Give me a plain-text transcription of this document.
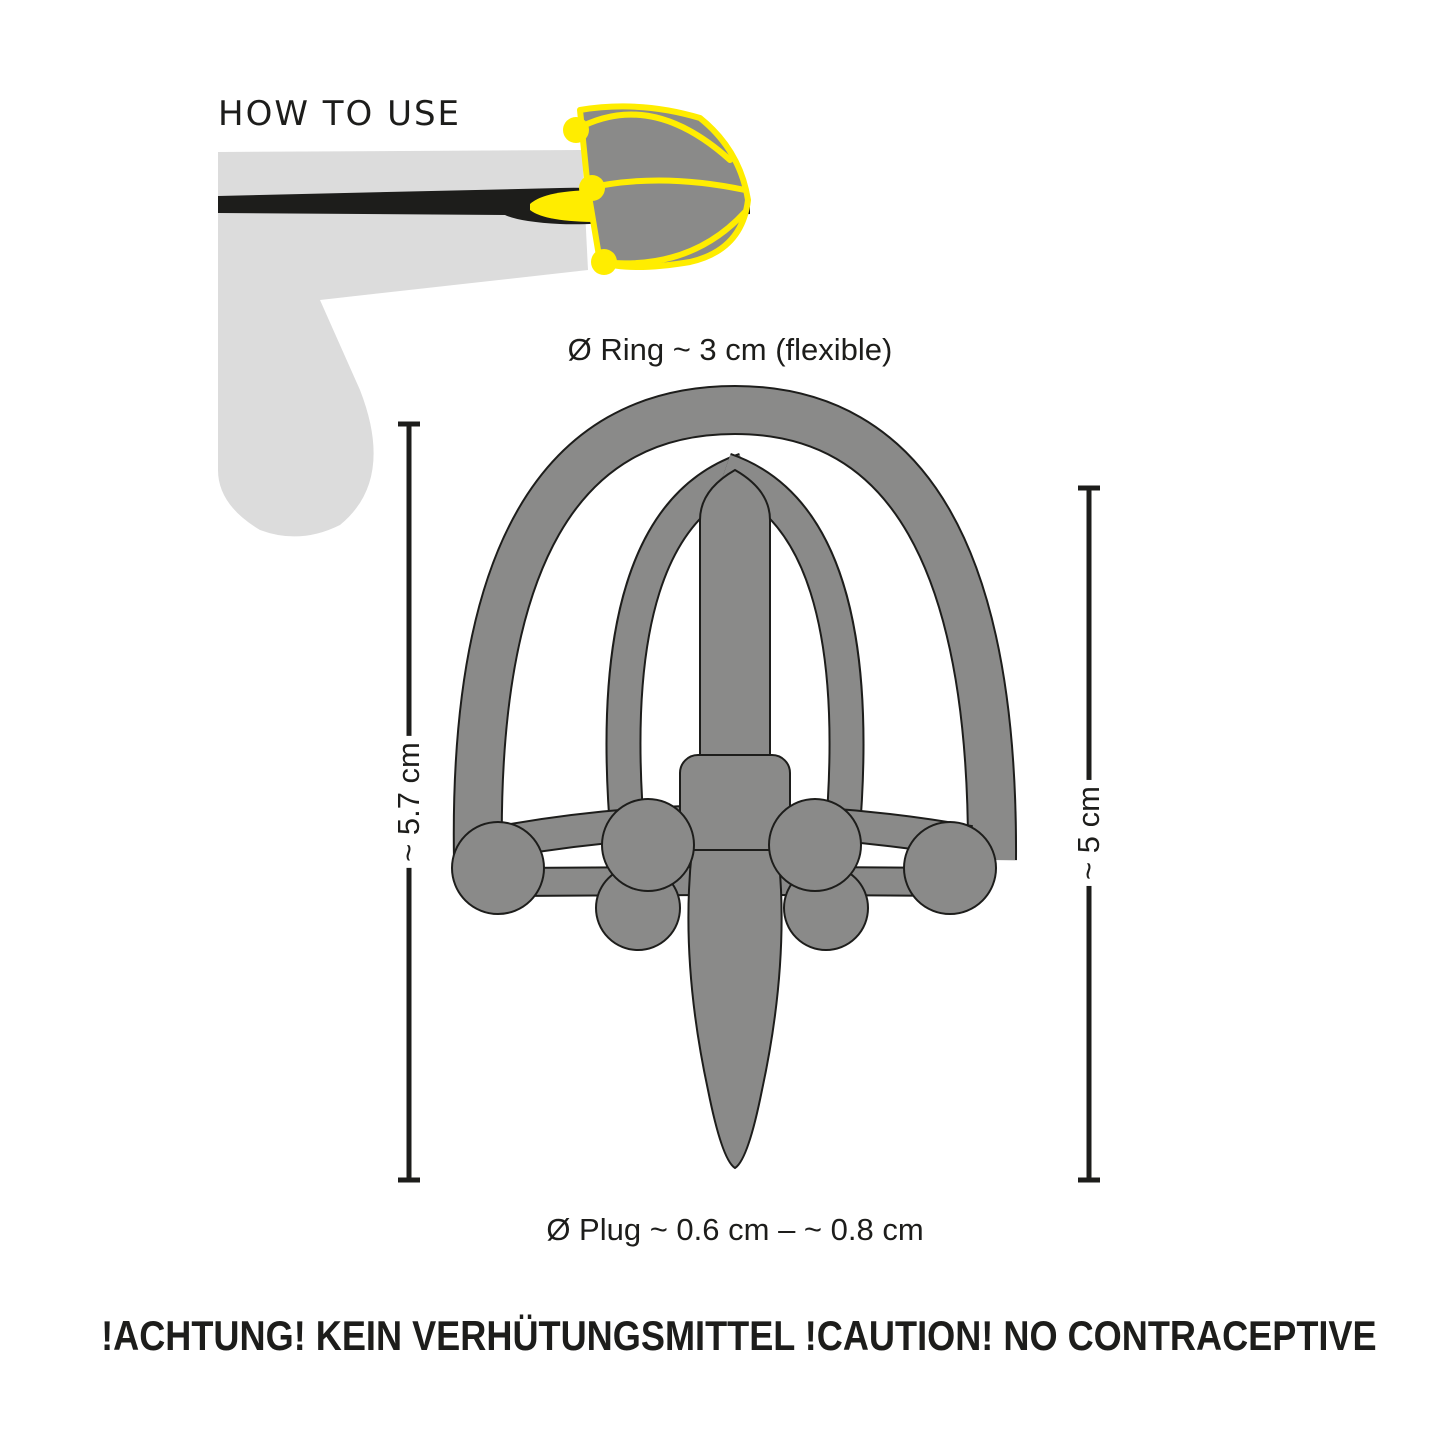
HOW TO USE
Ø Ring ~ 3 cm (flexible)
~ 5.7 cm	~ 5 cm
Ø Plug ~ 0.6 cm – ~ 0.8 cm
!ACHTUNG! KEIN VERHÜTUNGSMITTEL !CAUTION! NO CONTRACEPTIVE
